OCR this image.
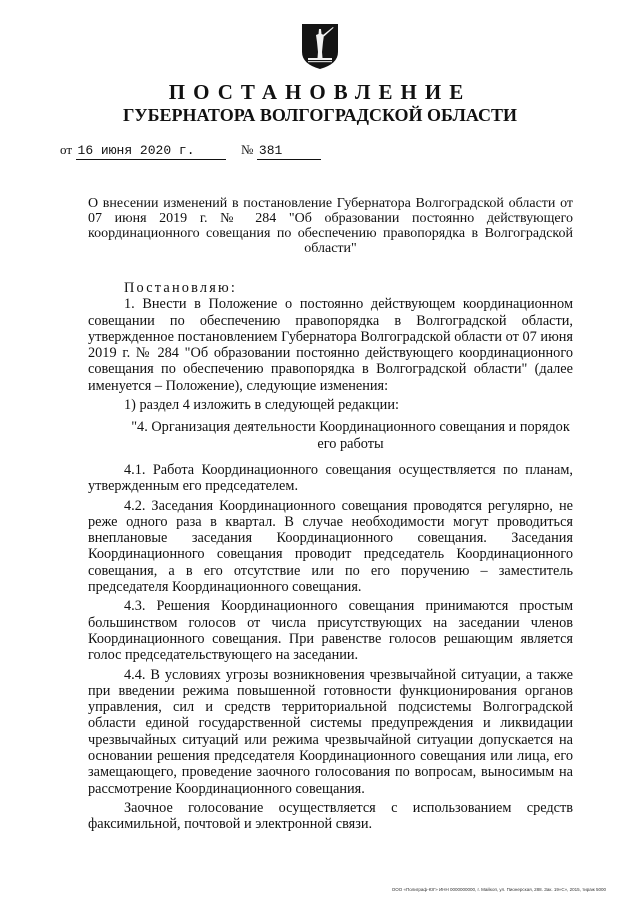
ПОСТАНОВЛЕНИЕ
ГУБЕРНАТОРА ВОЛГОГРАДСКОЙ ОБЛАСТИ
от 16 июня 2020 г.	№ 381
О внесении изменений в постановление Губернатора Волгоградской области от 07 июня 2019 г. № 284 "Об образовании постоянно действующего координационного совещания по обеспечению правопорядка в Волгоградской области"

Постановляю:

1. Внести в Положение о постоянно действующем координационном совещании по обеспечению правопорядка в Волгоградской области, утвержденное постановлением Губернатора Волгоградской области от 07 июня 2019 г. № 284 "Об образовании постоянно действующего координационного совещания по обеспечению правопорядка в Волгоградской области" (далее именуется – Положение), следующие изменения:

1) раздел 4 изложить в следующей редакции:

"4. Организация деятельности Координационного совещания и порядок его работы

4.1. Работа Координационного совещания осуществляется по планам, утвержденным его председателем.

4.2. Заседания Координационного совещания проводятся регулярно, не реже одного раза в квартал. В случае необходимости могут проводиться внеплановые заседания Координационного совещания. Заседания Координационного совещания проводит председатель Координационного совещания, а в его отсутствие или по его поручению – заместитель председателя Координационного совещания.

4.3. Решения Координационного совещания принимаются простым большинством голосов от числа присутствующих на заседании членов Координационного совещания. При равенстве голосов решающим является голос председательствующего на заседании.

4.4. В условиях угрозы возникновения чрезвычайной ситуации, а также при введении режима повышенной готовности функционирования органов управления, сил и средств территориальной подсистемы Волгоградской области единой государственной системы предупреждения и ликвидации чрезвычайных ситуаций или режима чрезвычайной ситуации допускается на основании решения председателя Координационного совещания или лица, его замещающего, проведение заочного голосования по вопросам, выносимым на рассмотрение Координационного совещания.

Заочное голосование осуществляется с использованием средств факсимильной, почтовой и электронной связи.

ООО «Полиграф-ЮГ» ИНН 0000000000, г. Майкоп, ул. Пионерская, 288. Зак. 19»C», 2015, тираж 5000
